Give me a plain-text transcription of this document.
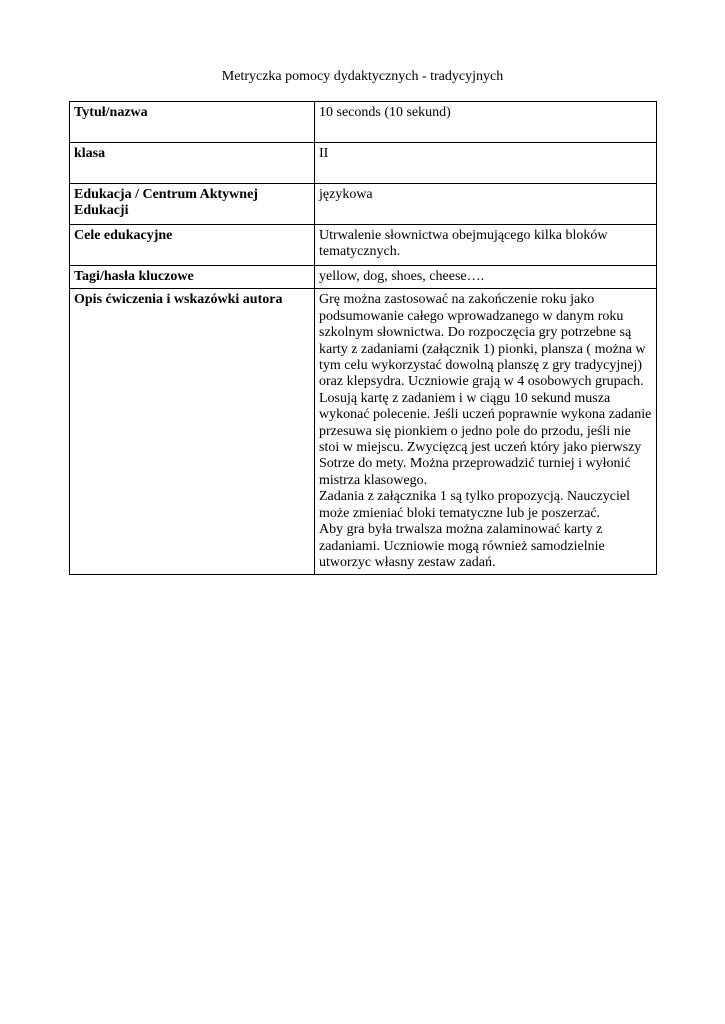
Metryczka pomocy dydaktycznych - tradycyjnych
Tytuł/nazwa	10 seconds (10 sekund)
klasa	II
Edukacja / Centrum Aktywnej Edukacji	językowa
Cele edukacyjne	Utrwalenie słownictwa obejmującego kilka bloków tematycznych.
Tagi/hasła kluczowe	yellow, dog, shoes, cheese….
Opis ćwiczenia i wskazówki autora	Grę można zastosować na zakończenie roku jako podsumowanie całego wprowadzanego w danym roku szkolnym słownictwa. Do rozpoczęcia gry potrzebne są karty z zadaniami (załącznik 1) pionki, plansza ( można w tym celu wykorzystać dowolną planszę z gry tradycyjnej) oraz klepsydra. Uczniowie grają w 4 osobowych grupach. Losują kartę z zadaniem i w ciągu 10 sekund musza wykonać polecenie. Jeśli uczeń poprawnie wykona zadanie przesuwa się pionkiem o jedno pole do przodu, jeśli nie stoi w miejscu. Zwycięzcą jest uczeń który jako pierwszy Sotrze do mety. Można przeprowadzić turniej i wyłonić mistrza klasowego.
Zadania z załącznika 1 są tylko propozycją. Nauczyciel może zmieniać bloki tematyczne lub je poszerzać.
Aby gra była trwalsza można zalaminować karty z zadaniami. Uczniowie mogą również samodzielnie utworzyc własny zestaw zadań.
